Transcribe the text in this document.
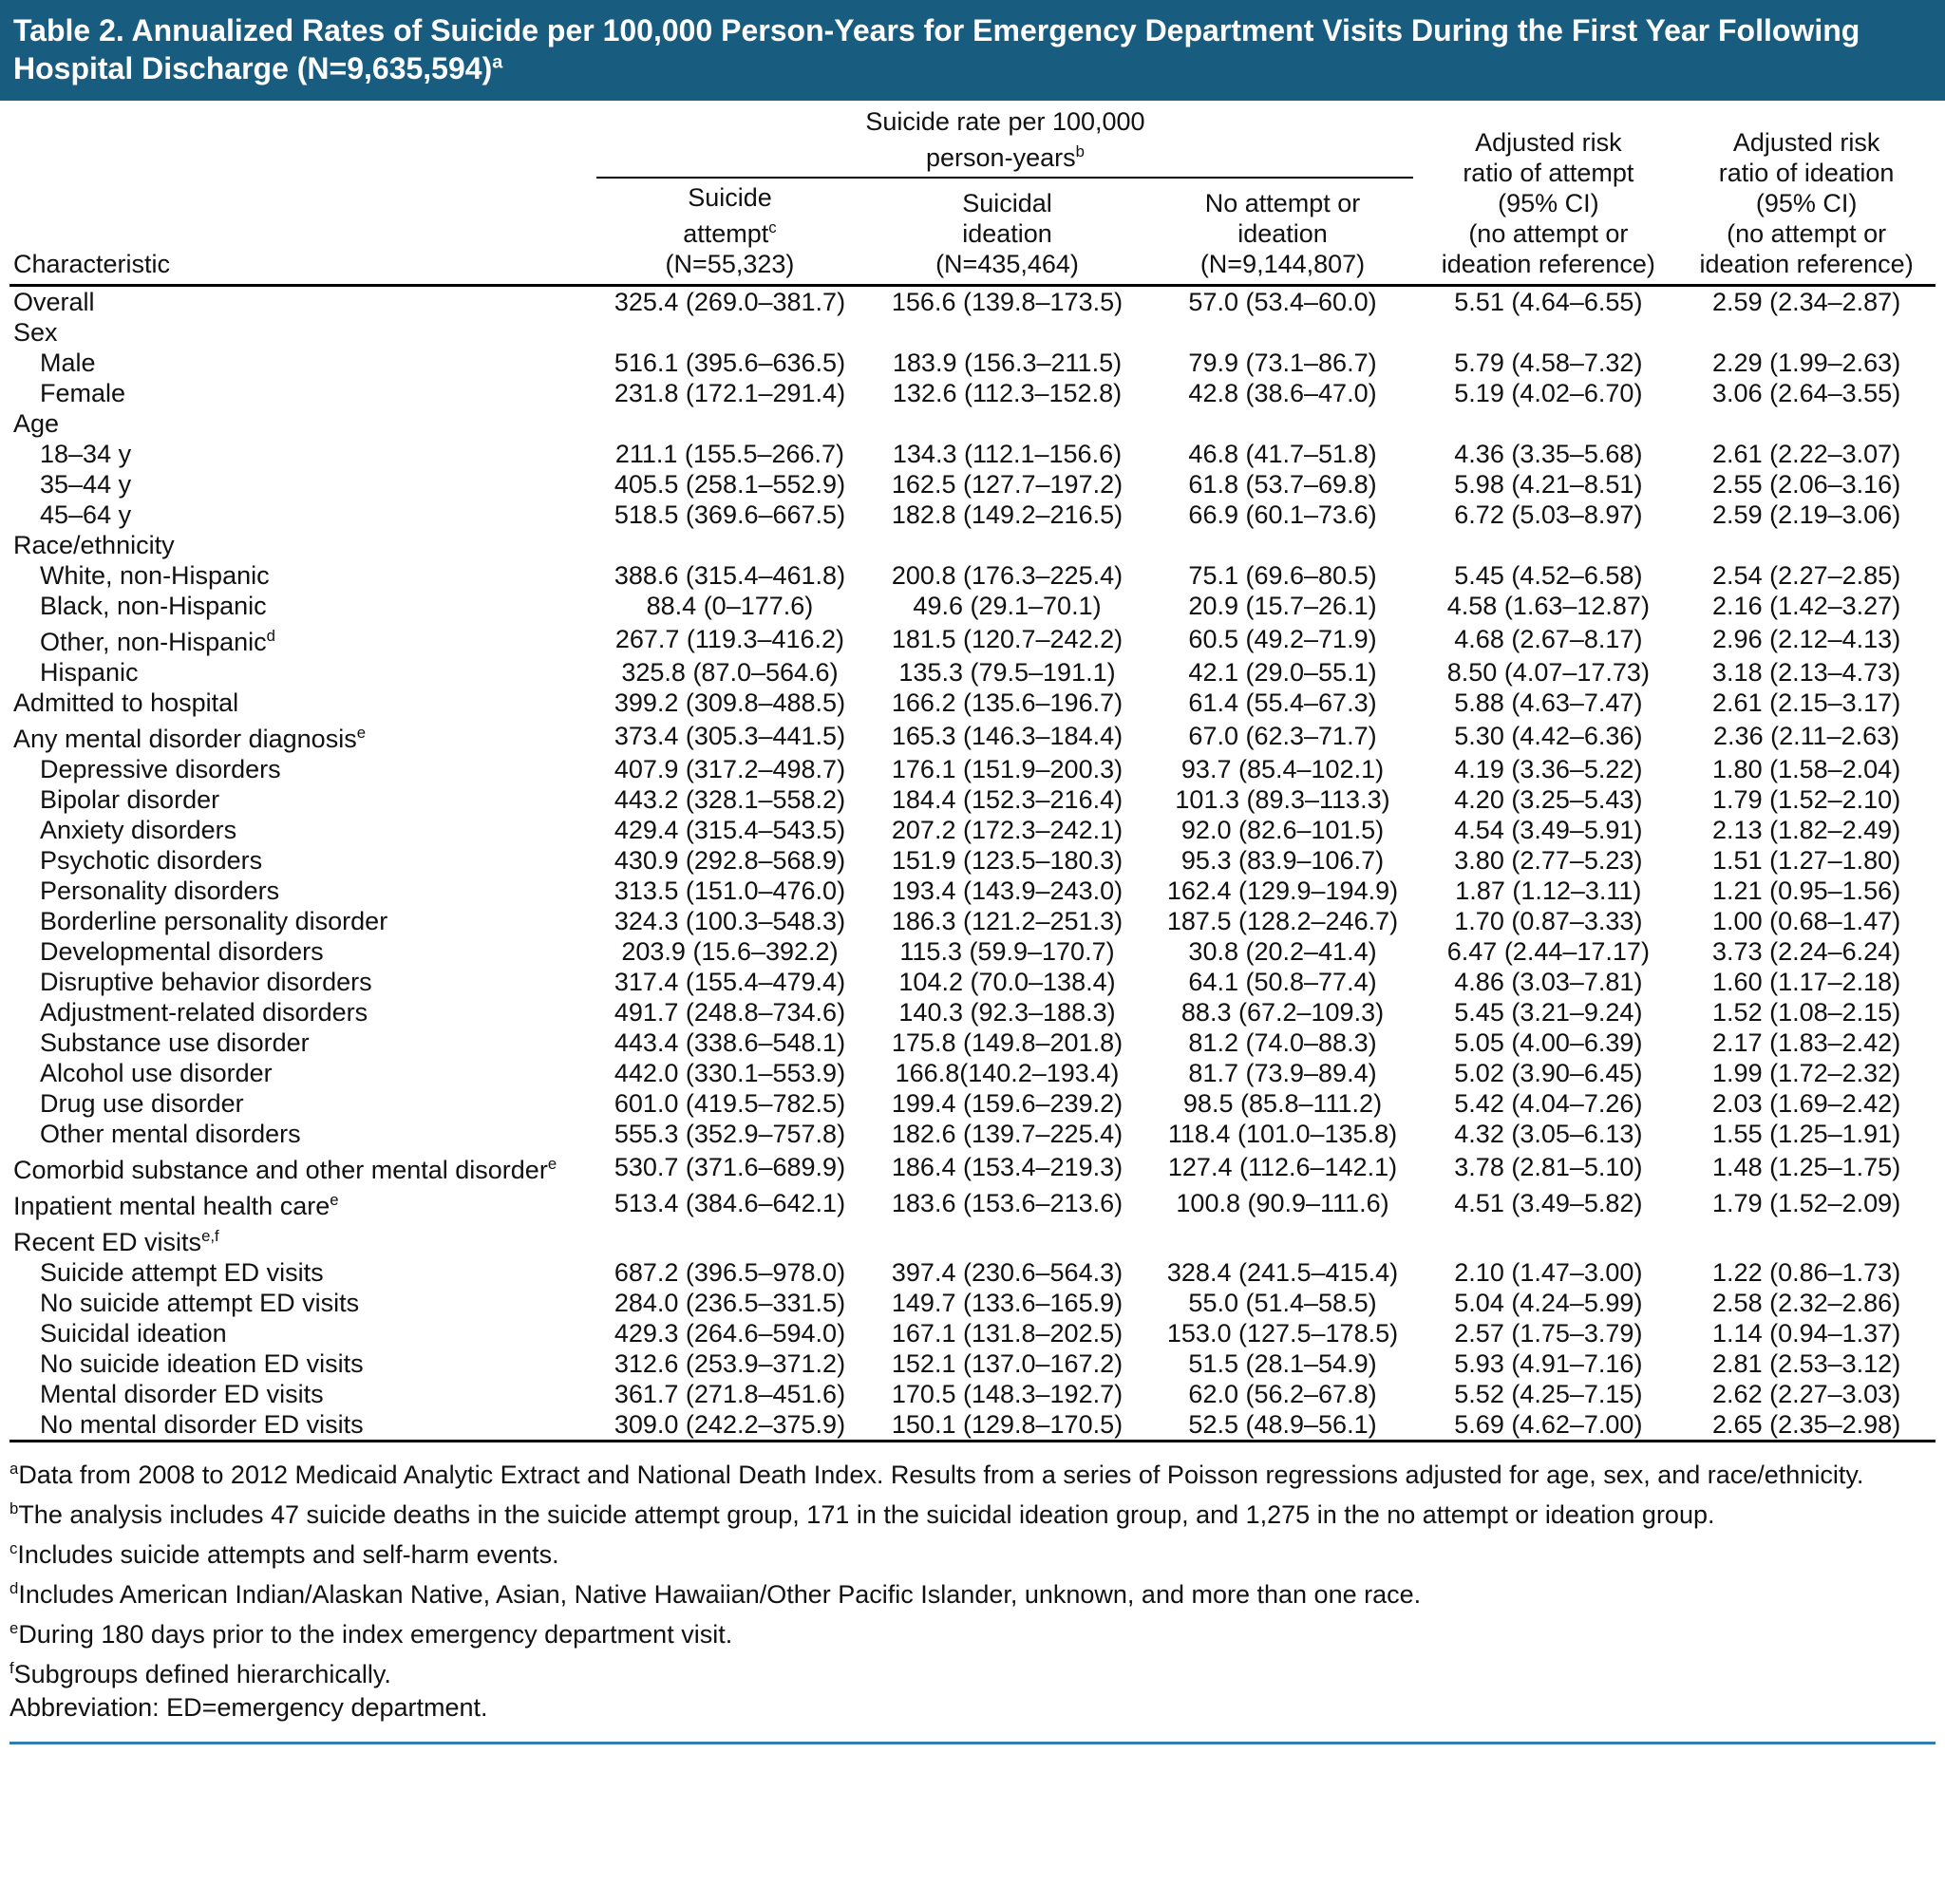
Table 2. Annualized Rates of Suicide per 100,000 Person-Years for Emergency Department Visits During the First Year Following Hospital Discharge (N=9,635,594)$^a$

	Suicide rate per 100,000
person-years$^b$			Adjusted risk
ratio of attempt
(95% CI)
(no attempt or
ideation reference)	Adjusted risk
ratio of ideation
(95% CI)
(no attempt or
ideation reference)
Characteristic	Suicide
attempt$^c$
(N=55,323)	Suicidal
ideation
(N=435,464)	No attempt or
ideation
(N=9,144,807)		
Overall	325.4 (269.0–381.7)	156.6 (139.8–173.5)	57.0 (53.4–60.0)	5.51 (4.64–6.55)	2.59 (2.34–2.87)
Sex					
Male	516.1 (395.6–636.5)	183.9 (156.3–211.5)	79.9 (73.1–86.7)	5.79 (4.58–7.32)	2.29 (1.99–2.63)
Female	231.8 (172.1–291.4)	132.6 (112.3–152.8)	42.8 (38.6–47.0)	5.19 (4.02–6.70)	3.06 (2.64–3.55)
Age					
18–34 y	211.1 (155.5–266.7)	134.3 (112.1–156.6)	46.8 (41.7–51.8)	4.36 (3.35–5.68)	2.61 (2.22–3.07)
35–44 y	405.5 (258.1–552.9)	162.5 (127.7–197.2)	61.8 (53.7–69.8)	5.98 (4.21–8.51)	2.55 (2.06–3.16)
45–64 y	518.5 (369.6–667.5)	182.8 (149.2–216.5)	66.9 (60.1–73.6)	6.72 (5.03–8.97)	2.59 (2.19–3.06)
Race/ethnicity					
White, non-Hispanic	388.6 (315.4–461.8)	200.8 (176.3–225.4)	75.1 (69.6–80.5)	5.45 (4.52–6.58)	2.54 (2.27–2.85)
Black, non-Hispanic	88.4 (0–177.6)	49.6 (29.1–70.1)	20.9 (15.7–26.1)	4.58 (1.63–12.87)	2.16 (1.42–3.27)
Other, non-Hispanic$^d$	267.7 (119.3–416.2)	181.5 (120.7–242.2)	60.5 (49.2–71.9)	4.68 (2.67–8.17)	2.96 (2.12–4.13)
Hispanic	325.8 (87.0–564.6)	135.3 (79.5–191.1)	42.1 (29.0–55.1)	8.50 (4.07–17.73)	3.18 (2.13–4.73)
Admitted to hospital	399.2 (309.8–488.5)	166.2 (135.6–196.7)	61.4 (55.4–67.3)	5.88 (4.63–7.47)	2.61 (2.15–3.17)
Any mental disorder diagnosis$^e$	373.4 (305.3–441.5)	165.3 (146.3–184.4)	67.0 (62.3–71.7)	5.30 (4.42–6.36)	2.36 (2.11–2.63)
Depressive disorders	407.9 (317.2–498.7)	176.1 (151.9–200.3)	93.7 (85.4–102.1)	4.19 (3.36–5.22)	1.80 (1.58–2.04)
Bipolar disorder	443.2 (328.1–558.2)	184.4 (152.3–216.4)	101.3 (89.3–113.3)	4.20 (3.25–5.43)	1.79 (1.52–2.10)
Anxiety disorders	429.4 (315.4–543.5)	207.2 (172.3–242.1)	92.0 (82.6–101.5)	4.54 (3.49–5.91)	2.13 (1.82–2.49)
Psychotic disorders	430.9 (292.8–568.9)	151.9 (123.5–180.3)	95.3 (83.9–106.7)	3.80 (2.77–5.23)	1.51 (1.27–1.80)
Personality disorders	313.5 (151.0–476.0)	193.4 (143.9–243.0)	162.4 (129.9–194.9)	1.87 (1.12–3.11)	1.21 (0.95–1.56)
Borderline personality disorder	324.3 (100.3–548.3)	186.3 (121.2–251.3)	187.5 (128.2–246.7)	1.70 (0.87–3.33)	1.00 (0.68–1.47)
Developmental disorders	203.9 (15.6–392.2)	115.3 (59.9–170.7)	30.8 (20.2–41.4)	6.47 (2.44–17.17)	3.73 (2.24–6.24)
Disruptive behavior disorders	317.4 (155.4–479.4)	104.2 (70.0–138.4)	64.1 (50.8–77.4)	4.86 (3.03–7.81)	1.60 (1.17–2.18)
Adjustment-related disorders	491.7 (248.8–734.6)	140.3 (92.3–188.3)	88.3 (67.2–109.3)	5.45 (3.21–9.24)	1.52 (1.08–2.15)
Substance use disorder	443.4 (338.6–548.1)	175.8 (149.8–201.8)	81.2 (74.0–88.3)	5.05 (4.00–6.39)	2.17 (1.83–2.42)
Alcohol use disorder	442.0 (330.1–553.9)	166.8(140.2–193.4)	81.7 (73.9–89.4)	5.02 (3.90–6.45)	1.99 (1.72–2.32)
Drug use disorder	601.0 (419.5–782.5)	199.4 (159.6–239.2)	98.5 (85.8–111.2)	5.42 (4.04–7.26)	2.03 (1.69–2.42)
Other mental disorders	555.3 (352.9–757.8)	182.6 (139.7–225.4)	118.4 (101.0–135.8)	4.32 (3.05–6.13)	1.55 (1.25–1.91)
Comorbid substance and other mental disorder$^e$	530.7 (371.6–689.9)	186.4 (153.4–219.3)	127.4 (112.6–142.1)	3.78 (2.81–5.10)	1.48 (1.25–1.75)
Inpatient mental health care$^e$	513.4 (384.6–642.1)	183.6 (153.6–213.6)	100.8 (90.9–111.6)	4.51 (3.49–5.82)	1.79 (1.52–2.09)
Recent ED visits$^{e,f}$					
Suicide attempt ED visits	687.2 (396.5–978.0)	397.4 (230.6–564.3)	328.4 (241.5–415.4)	2.10 (1.47–3.00)	1.22 (0.86–1.73)
No suicide attempt ED visits	284.0 (236.5–331.5)	149.7 (133.6–165.9)	55.0 (51.4–58.5)	5.04 (4.24–5.99)	2.58 (2.32–2.86)
Suicidal ideation	429.3 (264.6–594.0)	167.1 (131.8–202.5)	153.0 (127.5–178.5)	2.57 (1.75–3.79)	1.14 (0.94–1.37)
No suicide ideation ED visits	312.6 (253.9–371.2)	152.1 (137.0–167.2)	51.5 (28.1–54.9)	5.93 (4.91–7.16)	2.81 (2.53–3.12)
Mental disorder ED visits	361.7 (271.8–451.6)	170.5 (148.3–192.7)	62.0 (56.2–67.8)	5.52 (4.25–7.15)	2.62 (2.27–3.03)
No mental disorder ED visits	309.0 (242.2–375.9)	150.1 (129.8–170.5)	52.5 (48.9–56.1)	5.69 (4.62–7.00)	2.65 (2.35–2.98)

$^a$Data from 2008 to 2012 Medicaid Analytic Extract and National Death Index. Results from a series of Poisson regressions adjusted for age, sex, and race/ethnicity.

$^b$The analysis includes 47 suicide deaths in the suicide attempt group, 171 in the suicidal ideation group, and 1,275 in the no attempt or ideation group.

$^c$Includes suicide attempts and self-harm events.

$^d$Includes American Indian/Alaskan Native, Asian, Native Hawaiian/Other Pacific Islander, unknown, and more than one race.

$^e$During 180 days prior to the index emergency department visit.

$^f$Subgroups defined hierarchically.

Abbreviation: ED=emergency department.
